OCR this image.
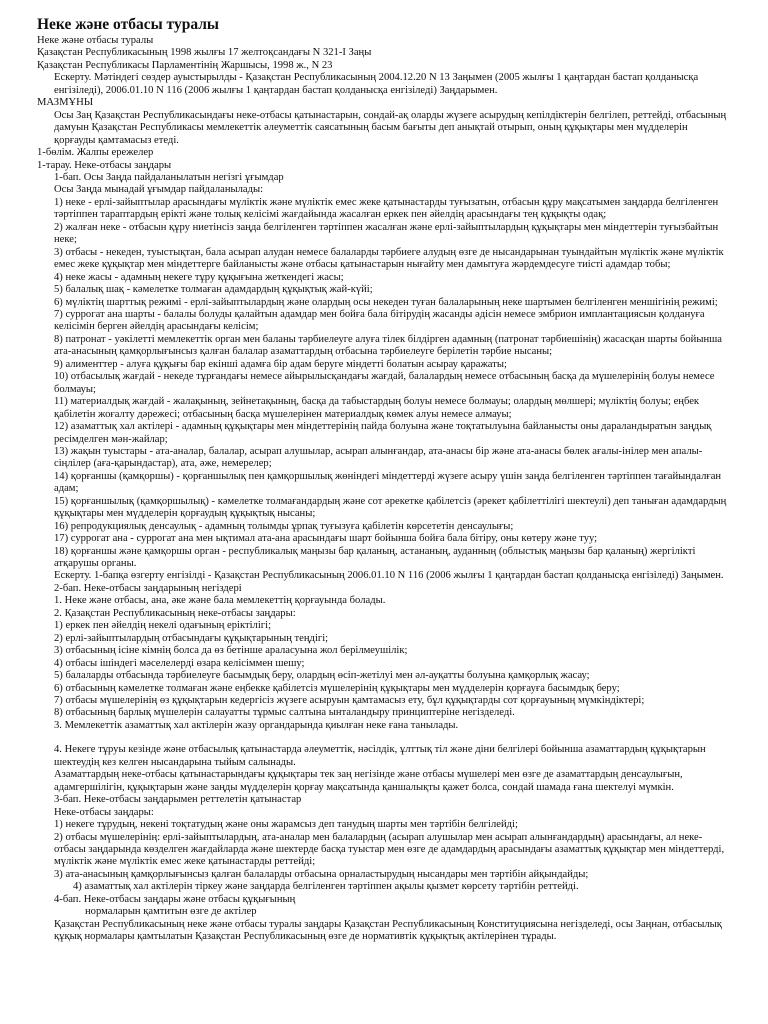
Неке және отбасы туралы
Неке және отбасы туралы
Қазақстан Республикасының 1998 жылғы 17 желтоқсандағы N 321-I Заңы
Қазақстан Республикасы Парламентінің Жаршысы, 1998 ж., N 23
Ескерту. Мәтіндегі сөздер ауыстырылды - Қазақстан Республикасының 2004.12.20 N 13 Заңымен (2005 жылғы 1 қаңтардан бастап қолданысқа енгізіледі), 2006.01.10 N 116 (2006 жылғы 1 қаңтардан бастап қолданысқа енгізіледі) Заңдарымен.
МАЗМҰНЫ
Осы Заң Қазақстан Республикасындағы неке-отбасы қатынастарын, сондай-ақ оларды жүзеге асырудың кепілдіктерін белгілеп, реттейді, отбасының дамуын Қазақстан Республикасы мемлекеттік әлеуметтік саясатының басым бағыты деп анықтай отырып, оның құқықтары мен мүдделерін қорғауды қамтамасыз етеді.
1-бөлім. Жалпы ережелер
1-тарау. Неке-отбасы заңдары
1-бап. Осы Заңда пайдаланылатын негізгі ұғымдар
Осы Заңда мынадай ұғымдар пайдаланылады:
1) неке - ерлі-зайыптылар арасындағы мүліктік және мүліктік емес жеке қатынастарды туғызатын, отбасын құру мақсатымен заңдарда белгіленген тәртіппен тараптардың ерікті және толық келісімі жағдайында жасалған еркек пен әйелдің арасындағы тең құқықты одақ;
2) жалған неке - отбасын құру ниетінсіз заңда белгіленген тәртіппен жасалған және ерлі-зайыптылардың құқықтары мен міндеттерін туғызбайтын неке;
3) отбасы - некеден, туыстықтан, бала асырап алудан немесе балаларды тәрбиеге алудың өзге де нысандарынан туындайтын мүліктік және мүліктік емес жеке құқықтар мен міндеттерге байланысты және отбасы қатынастарын нығайту мен дамытуға жәрдемдесуге тиісті адамдар тобы;
4) неке жасы - адамның некеге тұру құқығына жеткендегі жасы;
5) балалық шақ - кәмелетке толмаған адамдардың құқықтық жай-күйі;
6) мүліктің шарттық режимі - ерлі-зайыптылардың және олардың осы некеден туған балаларының неке шартымен белгіленген меншігінің режимі;
7) суррогат ана шарты - балалы болуды қалайтын адамдар мен бойға бала бітірудің жасанды әдісін немесе эмбрион имплантациясын қолдануға келісімін берген әйелдің арасындағы келісім;
8) патронат - уәкілетті мемлекеттік орган мен баланы тәрбиелеуге алуға тілек білдірген адамның (патронат тәрбиешінің) жасасқан шарты бойынша ата-анасының қамқорлығынсыз қалған балалар азаматтардың отбасына тәрбиелеуге берілетін тәрбие нысаны;
9) алименттер - алуға құқығы бар екінші адамға бір адам беруге міндетті болатын асырау қаражаты;
10) отбасылық жағдай - некеде тұрғандағы немесе айырылысқандағы жағдай, балалардың немесе отбасының басқа да мүшелерінің болуы немесе болмауы;
11) материалдық жағдай - жалақының, зейнетақының, басқа да табыстардың болуы немесе болмауы; олардың мөлшері; мүліктің болуы; еңбек қабілетін жоғалту дәрежесі; отбасының басқа мүшелерінен материалдық көмек алуы немесе алмауы;
12) азаматтық хал актілері - адамның құқықтары мен міндеттерінің пайда болуына және тоқтатылуына байланысты оны дараландыратын заңдық ресімделген мән-жайлар;
13) жақын туыстары - ата-аналар, балалар, асырап алушылар, асырап алынғандар, ата-анасы бір және ата-анасы бөлек ағалы-інілер мен апалы-сіңлілер (аға-қарындастар), ата, әже, немерелер;
14) қорғаншы (қамқоршы) - қорғаншылық пен қамқоршылық жөніндегі міндеттерді жүзеге асыру үшін заңда белгіленген тәртіппен тағайындалған адам;
15) қорғаншылық (қамқоршылық) - кәмелетке толмағандардың және сот әрекетке қабілетсіз (әрекет қабілеттілігі шектеулі) деп таныған адамдардың құқықтары мен мүдделерін қорғаудың құқықтық нысаны;
16) репродукциялық денсаулық - адамның толымды ұрпақ туғызуға қабілетін көрсететін денсаулығы;
17) суррогат ана - суррогат ана мен ықтимал ата-ана арасындағы шарт бойынша бойға бала бітіру, оны көтеру және туу;
18) қорғаншы және қамқоршы орган - республикалық маңызы бар қаланың, астананың, ауданның (облыстық маңызы бар қаланың) жергілікті атқарушы органы.
Ескерту. 1-бапқа өзгерту енгізілді - Қазақстан Республикасының 2006.01.10 N 116 (2006 жылғы 1 қаңтардан бастап қолданысқа енгізіледі) Заңымен.
2-бап. Неке-отбасы заңдарының негіздері
1. Неке және отбасы, ана, әке және бала мемлекеттің қорғауында болады.
2. Қазақстан Республикасының неке-отбасы заңдары:
1) еркек пен әйелдің некелі одағының еріктілігі;
2) ерлі-зайыптылардың отбасындағы құқықтарының теңдігі;
3) отбасының ісіне кімнің болса да өз бетінше араласуына жол берілмеушілік;
4) отбасы ішіндегі мәселелерді өзара келісіммен шешу;
5) балаларды отбасында тәрбиелеуге басымдық беру, олардың өсіп-жетілуі мен әл-ауқатты болуына қамқорлық жасау;
6) отбасының кәмелетке толмаған және еңбекке қабілетсіз мүшелерінің құқықтары мен мүдделерін қорғауға басымдық беру;
7) отбасы мүшелерінің өз құқықтарын кедергісіз жүзеге асыруын қамтамасыз ету, бұл құқықтарды сот қорғауының мүмкіндіктері;
8) отбасының барлық мүшелерін салауатты тұрмыс салтына ынталандыру принциптеріне негізделеді.
3. Мемлекеттік азаматтық хал актілерін жазу органдарында қиылған неке ғана танылады.
4. Некеге тұруы кезінде және отбасылық қатынастарда әлеуметтік, нәсілдік, ұлттық тіл және діни белгілері бойынша азаматтардың құқықтарын шектеудің кез келген нысандарына тыйым салынады.
Азаматтардың неке-отбасы қатынастарындағы құқықтары тек заң негізінде және отбасы мүшелері мен өзге де азаматтардың денсаулығын, адамгершілігін, құқықтарын және заңды мүдделерін қорғау мақсатында қаншалықты қажет болса, сондай шамада ғана шектелуі мүмкін.
3-бап. Неке-отбасы заңдарымен реттелетін қатынастар
Неке-отбасы заңдары:
1) некеге тұрудың, некені тоқтатудың және оны жарамсыз деп танудың шарты мен тәртібін белгілейді;
2) отбасы мүшелерінің: ерлі-зайыптылардың, ата-аналар мен балалардың (асырап алушылар мен асырап алынғандардың) арасындағы, ал неке-отбасы заңдарында көзделген жағдайларда және шектерде басқа туыстар мен өзге де адамдардың арасындағы азаматтық құқықтар мен міндеттерді, мүліктік және мүліктік емес жеке қатынастарды реттейді;
3) ата-анасының қамқорлығынсыз қалған балаларды отбасына орналастырудың нысандары мен тәртібін айқындайды;
4) азаматтық хал актілерін тіркеу және заңдарда белгіленген тәртіппен ақылы қызмет көрсету тәртібін реттейді.
4-бап. Неке-отбасы заңдары және отбасы құқығының
нормаларын қамтитын өзге де актілер
Қазақстан Республикасының неке және отбасы туралы заңдары Қазақстан Республикасының Конституциясына негізделеді, осы Заңнан, отбасылық құқық нормалары қамтылатын Қазақстан Республикасының өзге де нормативтік құқықтық актілерінен тұрады.
